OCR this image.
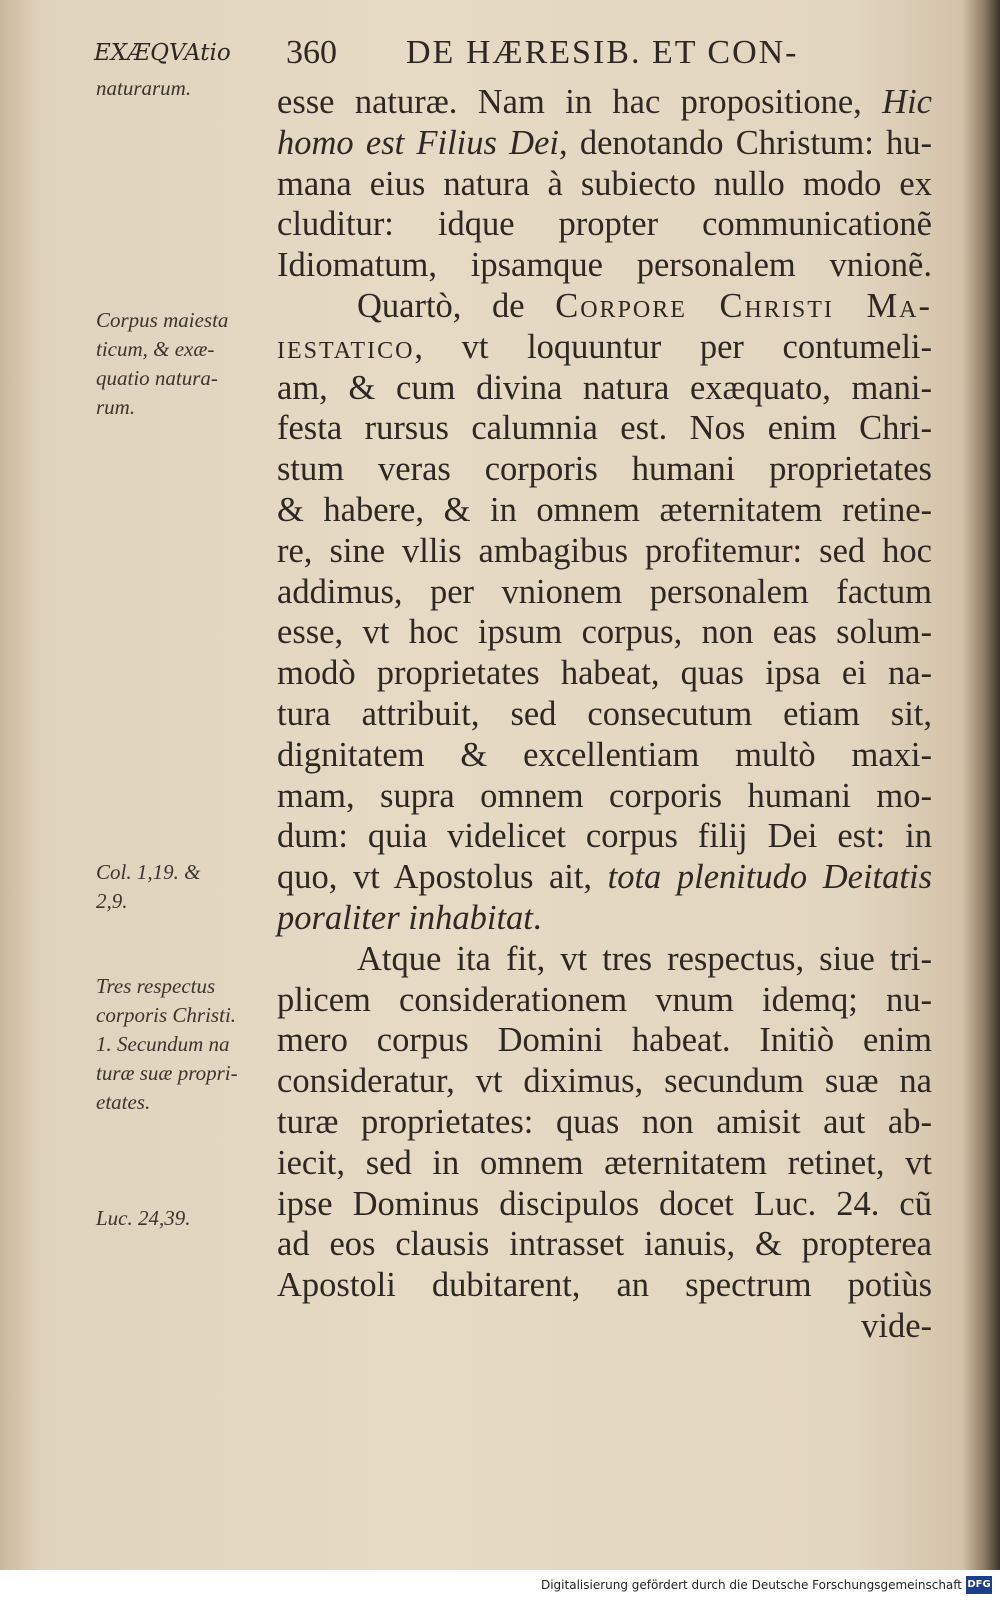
EXÆQVAtio 360 DE HÆRESIB. ET CON-
naturarum.
Corpus maiesta
ticum, & exæ-
quatio natura-
rum.
Col. 1,19. &
2,9.
Tres respectus
corporis Christi.
1. Secundum na
turæ suæ propri-
etates.
Luc. 24,39.
esse naturæ. Nam in hac propositione, Hic
homo est Filius Dei, denotando Christum: hu-
mana eius natura à subiecto nullo modo ex
cluditur: idque propter communicationẽ
Idiomatum, ipsamque personalem vnionẽ.
Quartò, de Corpore Christi Ma-
iestatico, vt loquuntur per contumeli-
am, & cum divina natura exæquato, mani-
festa rursus calumnia est. Nos enim Chri-
stum veras corporis humani proprietates
& habere, & in omnem æternitatem retine-
re, sine vllis ambagibus profitemur: sed hoc
addimus, per vnionem personalem factum
esse, vt hoc ipsum corpus, non eas solum-
modò proprietates habeat, quas ipsa ei na-
tura attribuit, sed consecutum etiam sit,
dignitatem & excellentiam multò maxi-
mam, supra omnem corporis humani mo-
dum: quia videlicet corpus filij Dei est: in
quo, vt Apostolus ait, tota plenitudo Deitatis
poraliter inhabitat.
Atque ita fit, vt tres respectus, siue tri-
plicem considerationem vnum idemq; nu-
mero corpus Domini habeat. Initiò enim
consideratur, vt diximus, secundum suæ na
turæ proprietates: quas non amisit aut ab-
iecit, sed in omnem æternitatem retinet, vt
ipse Dominus discipulos docet Luc. 24. cũ
ad eos clausis intrasset ianuis, & propterea
Apostoli dubitarent, an spectrum potiùs
vide-
Digitalisierung gefördert durch die Deutsche Forschungsgemeinschaft DFG
